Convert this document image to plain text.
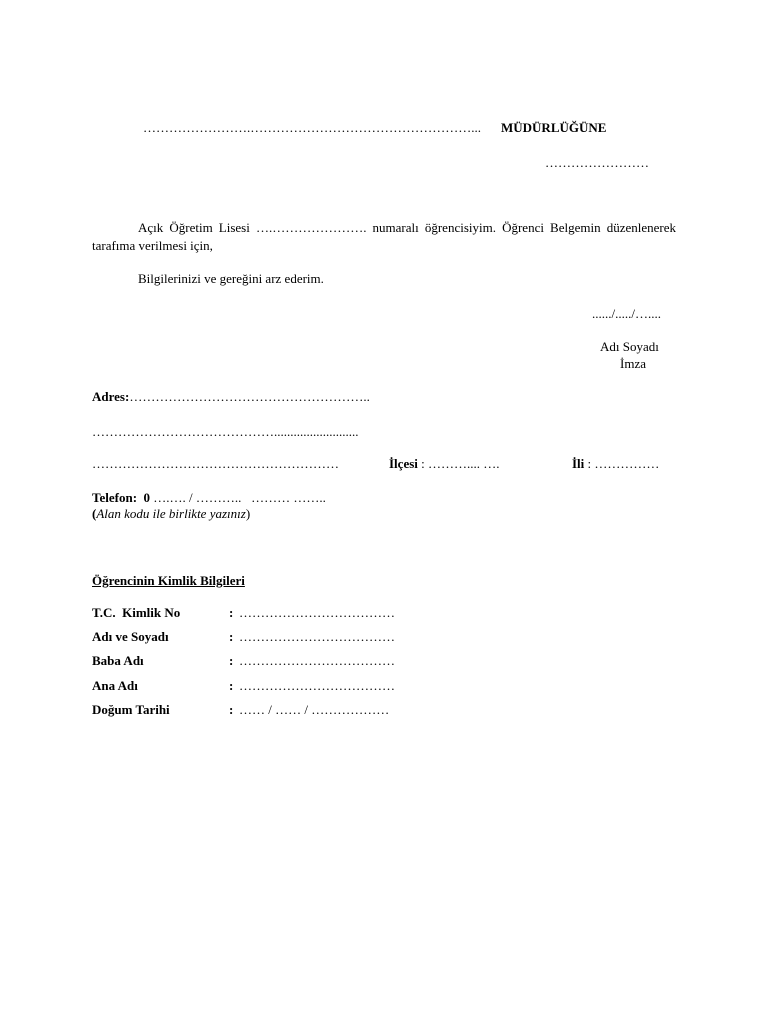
…………………….……………………………………………... MÜDÜRLÜĞÜNE
……………………
Açık Öğretim Lisesi ….…………………. numaralı öğrencisiyim. Öğrenci Belgemin düzenlenerek tarafıma verilmesi için,
Bilgilerinizi ve gereğini arz ederim.
....../...../…....
Adı Soyadı
İmza
Adres:………………………………………………..
……………………………………..........................
…………………………………………………	İlçesi : ……….... ….	İli : ……………
Telefon: 0 ….…. / ………..   ……… ……..
(Alan kodu ile birlikte yazınız)
Öğrencinin Kimlik Bilgileri
T.C.  Kimlik No	: ………………………………
Adı ve Soyadı	: ………………………………
Baba Adı	: ………………………………
Ana Adı	: ………………………………
Doğum Tarihi	: …… / …… / ………………
